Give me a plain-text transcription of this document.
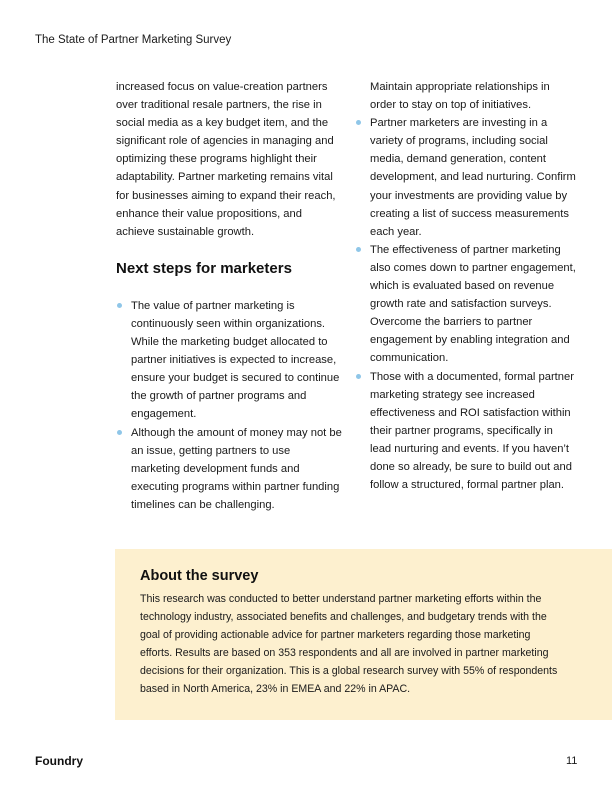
The State of Partner Marketing Survey

increased focus on value-creation partners over traditional resale partners, the rise in social media as a key budget item, and the significant role of agencies in managing and optimizing these programs highlight their adaptability. Partner marketing remains vital for businesses aiming to expand their reach, enhance their value propositions, and achieve sustainable growth.

Next steps for marketers
The value of partner marketing is continuously seen within organizations. While the marketing budget allocated to partner initiatives is expected to increase, ensure your budget is secured to continue the growth of partner programs and engagement.
Although the amount of money may not be an issue, getting partners to use marketing development funds and executing programs within partner funding timelines can be challenging.

Maintain appropriate relationships in order to stay on top of initiatives.

Partner marketers are investing in a variety of programs, including social media, demand generation, content development, and lead nurturing. Confirm your investments are providing value by creating a list of success measurements each year.
The effectiveness of partner marketing also comes down to partner engagement, which is evaluated based on revenue growth rate and satisfaction surveys. Overcome the barriers to partner engagement by enabling integration and communication.
Those with a documented, formal partner marketing strategy see increased effectiveness and ROI satisfaction within their partner programs, specifically in lead nurturing and events. If you haven’t done so already, be sure to build out and follow a structured, formal partner plan.
About the survey
This research was conducted to better understand partner marketing efforts within the technology industry, associated benefits and challenges, and budgetary trends with the goal of providing actionable advice for partner marketers regarding those marketing efforts. Results are based on 353 respondents and all are involved in partner marketing decisions for their organization. This is a global research survey with 55% of respondents based in North America, 23% in EMEA and 22% in APAC.
Foundry	11
